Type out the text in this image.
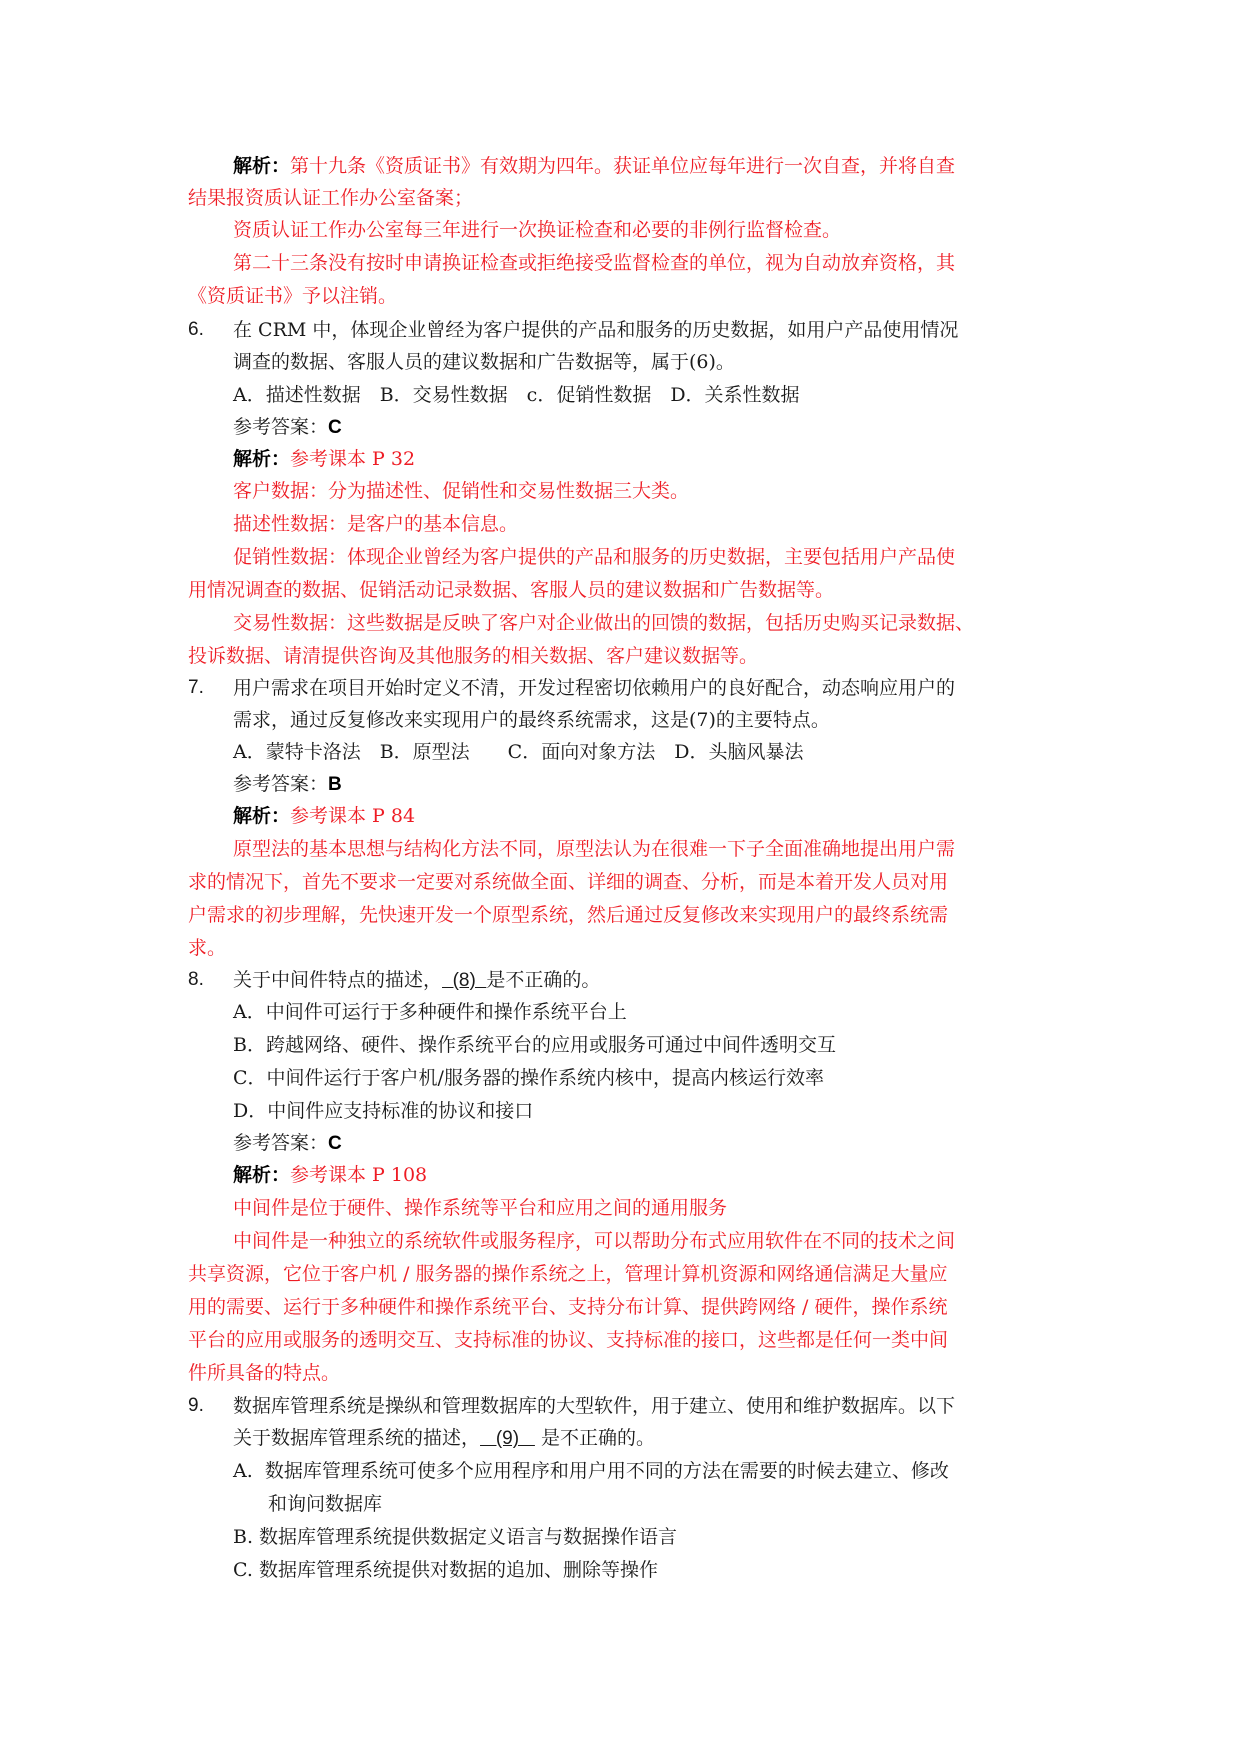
解析：第十九条《资质证书》有效期为四年。获证单位应每年进行一次自查，并将自查
结果报资质认证工作办公室备案；
资质认证工作办公室每三年进行一次换证检查和必要的非例行监督检查。
第二十三条没有按时申请换证检查或拒绝接受监督检查的单位，视为自动放弃资格，其
《资质证书》予以注销。
6. 在 CRM 中，体现企业曾经为客户提供的产品和服务的历史数据，如用户产品使用情况
调查的数据、客服人员的建议数据和广告数据等，属于(6)。
A．描述性数据　B．交易性数据　c．促销性数据　D．关系性数据
参考答案：C
解析：参考课本 P 32
客户数据：分为描述性、促销性和交易性数据三大类。
描述性数据：是客户的基本信息。
促销性数据：体现企业曾经为客户提供的产品和服务的历史数据，主要包括用户产品使
用情况调查的数据、促销活动记录数据、客服人员的建议数据和广告数据等。
交易性数据：这些数据是反映了客户对企业做出的回馈的数据，包括历史购买记录数据、
投诉数据、请清提供咨询及其他服务的相关数据、客户建议数据等。
7. 用户需求在项目开始时定义不清，开发过程密切依赖用户的良好配合，动态响应用户的
需求，通过反复修改来实现用户的最终系统需求，这是(7)的主要特点。
A．蒙特卡洛法　B．原型法　　C．面向对象方法　D．头脑风暴法
参考答案：B
解析：参考课本 P 84
原型法的基本思想与结构化方法不同，原型法认为在很难一下子全面准确地提出用户需
求的情况下，首先不要求一定要对系统做全面、详细的调查、分析，而是本着开发人员对用
户需求的初步理解，先快速开发一个原型系统，然后通过反复修改来实现用户的最终系统需
求。
8. 关于中间件特点的描述，  (8)  是不正确的。
A．中间件可运行于多种硬件和操作系统平台上
B．跨越网络、硬件、操作系统平台的应用或服务可通过中间件透明交互
C．中间件运行于客户机/服务器的操作系统内核中，提高内核运行效率
D．中间件应支持标准的协议和接口
参考答案：C
解析：参考课本 P 108
中间件是位于硬件、操作系统等平台和应用之间的通用服务
中间件是一种独立的系统软件或服务程序，可以帮助分布式应用软件在不同的技术之间
共享资源，它位于客户机 / 服务器的操作系统之上，管理计算机资源和网络通信满足大量应
用的需要、运行于多种硬件和操作系统平台、支持分布计算、提供跨网络 / 硬件，操作系统
平台的应用或服务的透明交互、支持标准的协议、支持标准的接口，这些都是任何一类中间
件所具备的特点。
9. 数据库管理系统是操纵和管理数据库的大型软件，用于建立、使用和维护数据库。以下
关于数据库管理系统的描述，   (9)    是不正确的。
A.  数据库管理系统可使多个应用程序和用户用不同的方法在需要的时候去建立、修改
和询问数据库
B. 数据库管理系统提供数据定义语言与数据操作语言
C. 数据库管理系统提供对数据的追加、删除等操作
